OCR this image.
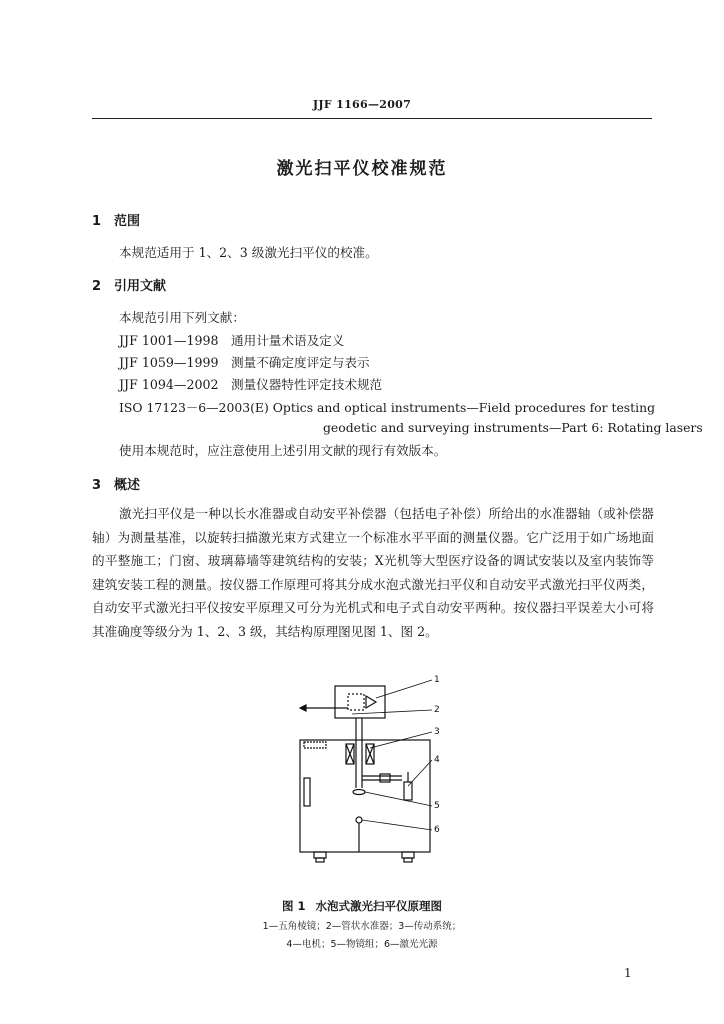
JJF 1166—2007
激光扫平仪校准规范
1 范围
本规范适用于 1、2、3 级激光扫平仪的校准。
2 引用文献
本规范引用下列文献：
JJF 1001—1998 通用计量术语及定义
JJF 1059—1999 测量不确定度评定与表示
JJF 1094—2002 测量仪器特性评定技术规范
ISO 17123－6—2003(E) Optics and optical instruments—Field procedures for testing
geodetic and surveying instruments—Part 6: Rotating lasers
使用本规范时，应注意使用上述引用文献的现行有效版本。
3 概述
激光扫平仪是一种以长水准器或自动安平补偿器（包括电子补偿）所给出的水准器轴（或补偿器轴）为测量基准，以旋转扫描激光束方式建立一个标准水平平面的测量仪器。它广泛用于如广场地面的平整施工；门窗、玻璃幕墙等建筑结构的安装；X光机等大型医疗设备的调试安装以及室内装饰等建筑安装工程的测量。按仪器工作原理可将其分成水泡式激光扫平仪和自动安平式激光扫平仪两类，自动安平式激光扫平仪按安平原理又可分为光机式和电子式自动安平两种。按仪器扫平误差大小可将其准确度等级分为 1、2、3 级，其结构原理图见图 1、图 2。
1
2
3
4
5
6
图 1 水泡式激光扫平仪原理图
1—五角棱镜；2—管状水准器；3—传动系统；
4—电机；5—物镜组；6—激光光源
1
